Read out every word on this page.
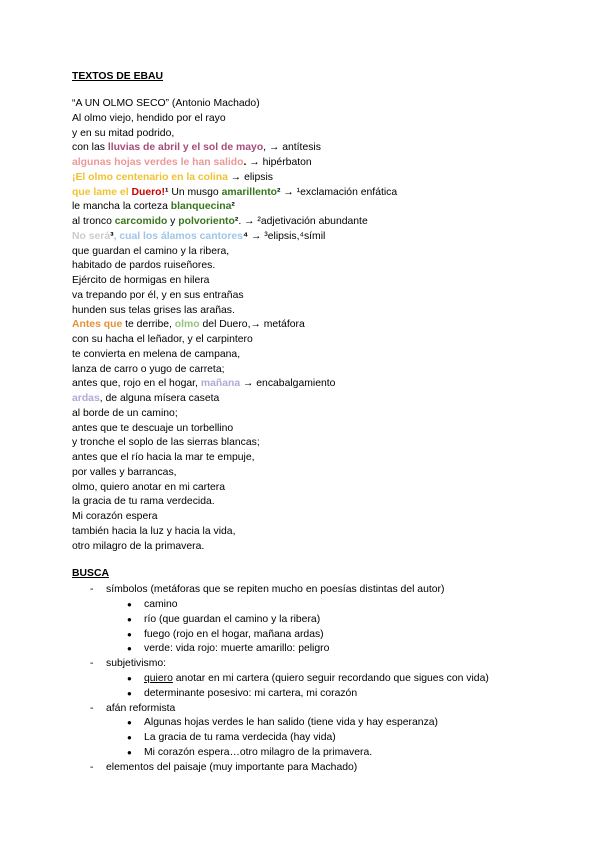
TEXTOS DE EBAU
“A UN OLMO SECO” (Antonio Machado)
Al olmo viejo, hendido por el rayo
y en su mitad podrido,
con las lluvias de abril y el sol de mayo, → antítesis
algunas hojas verdes le han salido. → hipérbaton
¡El olmo centenario en la colina → elipsis
que lame el Duero!¹ Un musgo amarillento² → ¹exclamación enfática
le mancha la corteza blanquecina²
al tronco carcomido y polvoriento². → ²adjetivación abundante
No será³, cual los álamos cantores⁴ → ³elipsis,⁴símil
que guardan el camino y la ribera,
habitado de pardos ruiseñores.
Ejército de hormigas en hilera
va trepando por él, y en sus entrañas
hunden sus telas grises las arañas.
Antes que te derribe, olmo del Duero,→ metáfora
con su hacha el leñador, y el carpintero
te convierta en melena de campana,
lanza de carro o yugo de carreta;
antes que, rojo en el hogar, mañana → encabalgamiento
ardas, de alguna mísera caseta
al borde de un camino;
antes que te descuaje un torbellino
y tronche el soplo de las sierras blancas;
antes que el río hacia la mar te empuje,
por valles y barrancas,
olmo, quiero anotar en mi cartera
la gracia de tu rama verdecida.
Mi corazón espera
también hacia la luz y hacia la vida,
otro milagro de la primavera.
BUSCA
- símbolos (metáforas que se repiten mucho en poesías distintas del autor)
● camino
● río (que guardan el camino y la ribera)
● fuego (rojo en el hogar, mañana ardas)
● verde: vida rojo: muerte amarillo: peligro
- subjetivismo:
● quiero anotar en mi cartera (quiero seguir recordando que sigues con vida)
● determinante posesivo: mi cartera, mi corazón
- afán reformista
● Algunas hojas verdes le han salido (tiene vida y hay esperanza)
● La gracia de tu rama verdecida (hay vida)
● Mi corazón espera…otro milagro de la primavera.
- elementos del paisaje (muy importante para Machado)
